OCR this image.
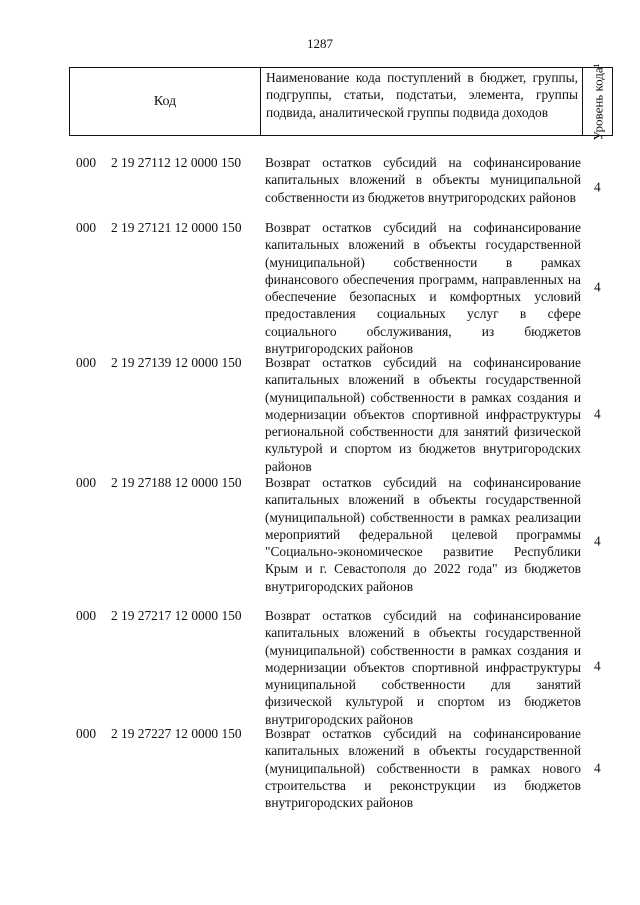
1287
Код
Наименование кода поступлений в бюджет, группы, подгруппы, статьи, подстатьи, элемента, группы подвида, аналитической группы подвида доходов	Уровень кода¹
000 2 19 27112 12 0000 150 Возврат остатков субсидий на софинансирование капитальных вложений в объекты муниципальной собственности из бюджетов внутригородских районов
4
000 2 19 27121 12 0000 150 Возврат остатков субсидий на софинансирование капитальных вложений в объекты государственной (муниципальной) собственности в рамках финансового обеспечения программ, направленных на обеспечение безопасных и комфортных условий предоставления социальных услуг в сфере социального обслуживания, из бюджетов внутригородских районов
4
000 2 19 27139 12 0000 150 Возврат остатков субсидий на софинансирование капитальных вложений в объекты государственной (муниципальной) собственности в рамках создания и модернизации объектов спортивной инфраструктуры региональной собственности для занятий физической культурой и спортом из бюджетов внутригородских районов
4
000 2 19 27188 12 0000 150 Возврат остатков субсидий на софинансирование капитальных вложений в объекты государственной (муниципальной) собственности в рамках реализации мероприятий федеральной целевой программы "Социально-экономическое развитие Республики Крым и г. Севастополя до 2022 года" из бюджетов внутригородских районов
4
000 2 19 27217 12 0000 150 Возврат остатков субсидий на софинансирование капитальных вложений в объекты государственной (муниципальной) собственности в рамках создания и модернизации объектов спортивной инфраструктуры муниципальной собственности для занятий физической культурой и спортом из бюджетов внутригородских районов
4
000 2 19 27227 12 0000 150 Возврат остатков субсидий на софинансирование капитальных вложений в объекты государственной (муниципальной) собственности в рамках нового строительства и реконструкции из бюджетов внутригородских районов
4
